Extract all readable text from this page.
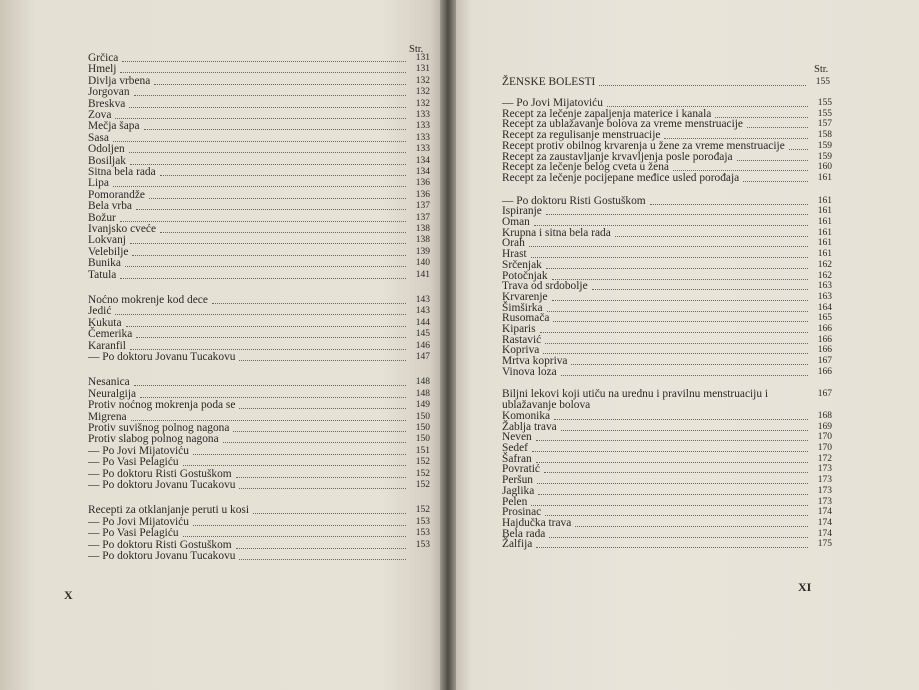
Str.
Grčica	131
Hmelj	131
Divlja vrbena	132
Jorgovan	132
Breskva	132
Zova	133
Mečja šapa	133
Sasa	133
Odoljen	133
Bosiljak	134
Sitna bela rada	134
Lipa	136
Pomorandže	136
Bela vrba	137
Božur	137
Ivanjsko cveće	138
Lokvanj	138
Velebilje	139
Bunika	140
Tatula	141
Noćno mokrenje kod dece	143
Jedić	143
Kukuta	144
Čemerika	145
Karanfil	146
— Po doktoru Jovanu Tucakovu	147
Nesanica	148
Neuralgija	148
Protiv noćnog mokrenja poda se	149
Migrena	150
Protiv suvišnog polnog nagona	150
Protiv slabog polnog nagona	150
— Po Jovi Mijatoviću	151
— Po Vasi Pelagiću	152
— Po doktoru Risti Gostuškom	152
— Po doktoru Jovanu Tucakovu	152
Recepti za otklanjanje peruti u kosi	152
— Po Jovi Mijatoviću	153
— Po Vasi Pelagiću	153
— Po doktoru Risti Gostuškom	153
— Po doktoru Jovanu Tucakovu
X
Str.
ŽENSKE BOLESTI	155
— Po Jovi Mijatoviću	155
Recept za lečenje zapaljenja materice i kanala	155
Recept za ublažavanje bolova za vreme menstruacije	157
Recept za regulisanje menstruacije	158
Recept protiv obilnog krvarenja u žene za vreme menstruacije	159
Recept za zaustavljanje krvavljenja posle porođaja	159
Recept za lečenje belog cveta u žena	160
Recept za lečenje pocijepane međice usled porođaja	161
— Po doktoru Risti Gostuškom	161
Ispiranje	161
Oman	161
Krupna i sitna bela rada	161
Orah	161
Hrast	161
Srčenjak	162
Potočnjak	162
Trava od srdobolje	163
Krvarenje	163
Šimširka	164
Rusomača	165
Kiparis	166
Rastavić	166
Kopriva	166
Mrtva kopriva	167
Vinova loza	166
Biljni lekovi koji utiču na urednu i pravilnu menstruaciju i ublažavanje bolova
167
Komonika	168
Žablja trava	169
Neven	170
Sedef	170
Šafran	172
Povratić	173
Peršun	173
Jaglika	173
Pelen	173
Prosinac	174
Hajdučka trava	174
Bela rada	174
Žalfija	175
XI
